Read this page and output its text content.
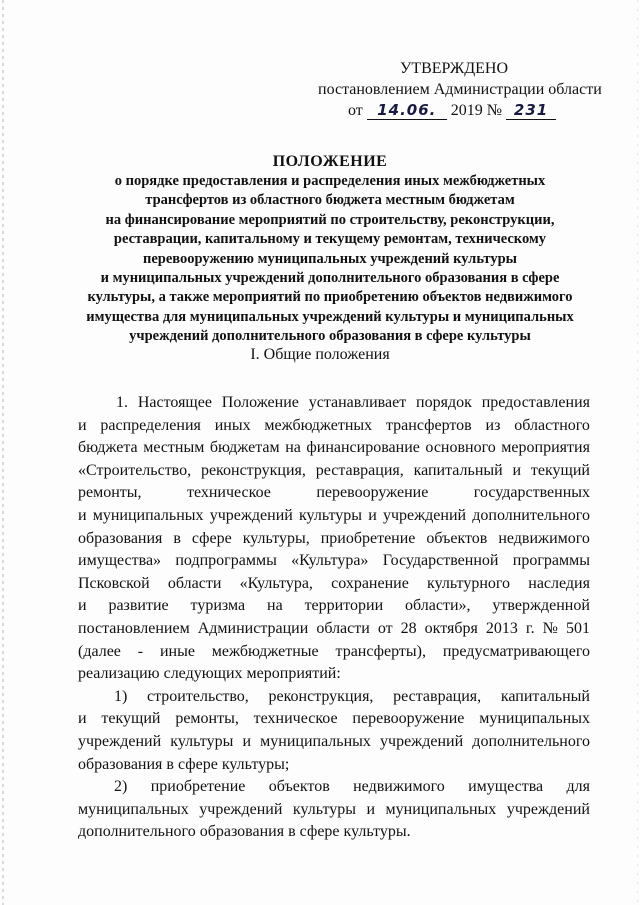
УТВЕРЖДЕНО
постановлением Администрации области
от 14.06. 2019 № 231
ПОЛОЖЕНИЕ
о порядке предоставления и распределения иных межбюджетных
трансфертов из областного бюджета местным бюджетам
на финансирование мероприятий по строительству, реконструкции,
реставрации, капитальному и текущему ремонтам, техническому
перевооружению муниципальных учреждений культуры
и муниципальных учреждений дополнительного образования в сфере
культуры, а также мероприятий по приобретению объектов недвижимого
имущества для муниципальных учреждений культуры и муниципальных
учреждений дополнительного образования в сфере культуры
I. Общие положения
1. Настоящее Положение устанавливает порядок предоставления
и распределения иных межбюджетных трансфертов из областного
бюджета местным бюджетам на финансирование основного мероприятия
«Строительство, реконструкция, реставрация, капитальный и текущий
ремонты,	техническое	перевооружение	государственных
и муниципальных учреждений культуры и учреждений дополнительного
образования в сфере культуры, приобретение объектов недвижимого
имущества» подпрограммы «Культура» Государственной программы
Псковской области «Культура, сохранение культурного наследия
и развитие туризма на территории области», утвержденной
постановлением Администрации области от 28 октября 2013 г. № 501
(далее - иные межбюджетные трансферты), предусматривающего
реализацию следующих мероприятий:
1) строительство, реконструкция, реставрация, капитальный
и текущий ремонты, техническое перевооружение муниципальных
учреждений культуры и муниципальных учреждений дополнительного
образования в сфере культуры;
2) приобретение объектов недвижимого имущества для
муниципальных учреждений культуры и муниципальных учреждений
дополнительного образования в сфере культуры.
